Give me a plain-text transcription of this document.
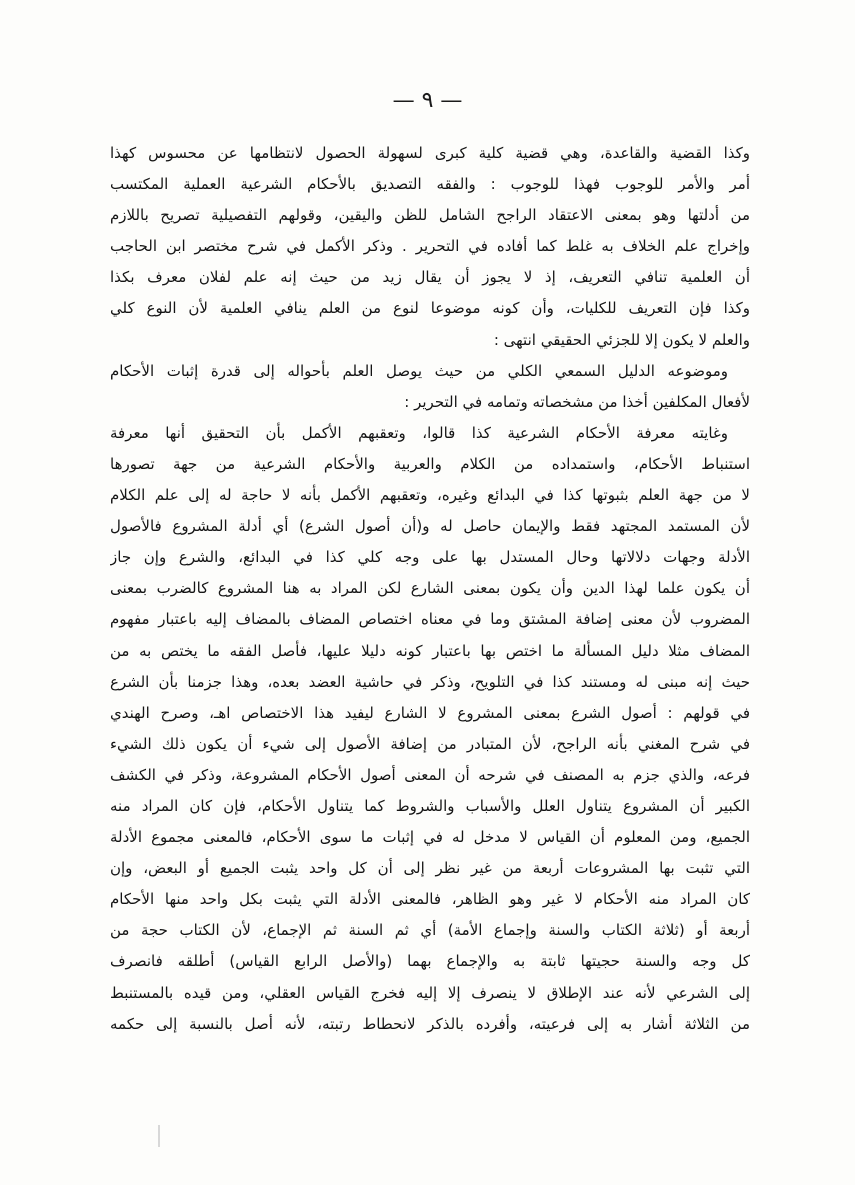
— ٩ —
وكذا القضية والقاعدة، وهي قضية كلية كبرى لسهولة الحصول لانتظامها عن محسوس كهذا
أمر والأمر للوجوب فهذا للوجوب : والفقه التصديق بالأحكام الشرعية العملية المكتسب
من أدلتها وهو بمعنى الاعتقاد الراجح الشامل للظن واليقين، وقولهم التفصيلية تصريح باللازم
وإخراج علم الخلاف به غلط كما أفاده في التحرير . وذكر الأكمل في شرح مختصر ابن الحاجب
أن العلمية تنافي التعريف، إذ لا يجوز أن يقال زيد من حيث إنه علم لفلان معرف بكذا
وكذا فإن التعريف للكليات، وأن كونه موضوعا لنوع من العلم ينافي العلمية لأن النوع كلي
والعلم لا يكون إلا للجزئي الحقيقي انتهى :
وموضوعه الدليل السمعي الكلي من حيث يوصل العلم بأحواله إلى قدرة إثبات الأحكام
لأفعال المكلفين أخذا من مشخصاته وتمامه في التحرير :
وغايته معرفة الأحكام الشرعية كذا قالوا، وتعقبهم الأكمل بأن التحقيق أنها معرفة
استنباط الأحكام، واستمداده من الكلام والعربية والأحكام الشرعية من جهة تصورها
لا من جهة العلم بثبوتها كذا في البدائع وغيره، وتعقبهم الأكمل بأنه لا حاجة له إلى علم الكلام
لأن المستمد المجتهد فقط والإيمان حاصل له و(أن أصول الشرع) أي أدلة المشروع فالأصول
الأدلة وجهات دلالاتها وحال المستدل بها على وجه كلي كذا في البدائع، والشرع وإن جاز
أن يكون علما لهذا الدين وأن يكون بمعنى الشارع لكن المراد به هنا المشروع كالضرب بمعنى
المضروب لأن معنى إضافة المشتق وما في معناه اختصاص المضاف بالمضاف إليه باعتبار مفهوم
المضاف مثلا دليل المسألة ما اختص بها باعتبار كونه دليلا عليها، فأصل الفقه ما يختص به من
حيث إنه مبنى له ومستند كذا في التلويح، وذكر في حاشية العضد بعده، وهذا جزمنا بأن الشرع
في قولهم : أصول الشرع بمعنى المشروع لا الشارع ليفيد هذا الاختصاص اهـ، وصرح الهندي
في شرح المغني بأنه الراجح، لأن المتبادر من إضافة الأصول إلى شيء أن يكون ذلك الشيء
فرعه، والذي جزم به المصنف في شرحه أن المعنى أصول الأحكام المشروعة، وذكر في الكشف
الكبير أن المشروع يتناول العلل والأسباب والشروط كما يتناول الأحكام، فإن كان المراد منه
الجميع، ومن المعلوم أن القياس لا مدخل له في إثبات ما سوى الأحكام، فالمعنى مجموع الأدلة
التي تثبت بها المشروعات أربعة من غير نظر إلى أن كل واحد يثبت الجميع أو البعض، وإن
كان المراد منه الأحكام لا غير وهو الظاهر، فالمعنى الأدلة التي يثبت بكل واحد منها الأحكام
أربعة أو (ثلاثة الكتاب والسنة وإجماع الأمة) أي ثم السنة ثم الإجماع، لأن الكتاب حجة من
كل وجه والسنة حجيتها ثابتة به والإجماع بهما (والأصل الرابع القياس) أطلقه فانصرف
إلى الشرعي لأنه عند الإطلاق لا ينصرف إلا إليه فخرج القياس العقلي، ومن قيده بالمستنبط
من الثلاثة أشار به إلى فرعيته، وأفرده بالذكر لانحطاط رتبته، لأنه أصل بالنسبة إلى حكمه
